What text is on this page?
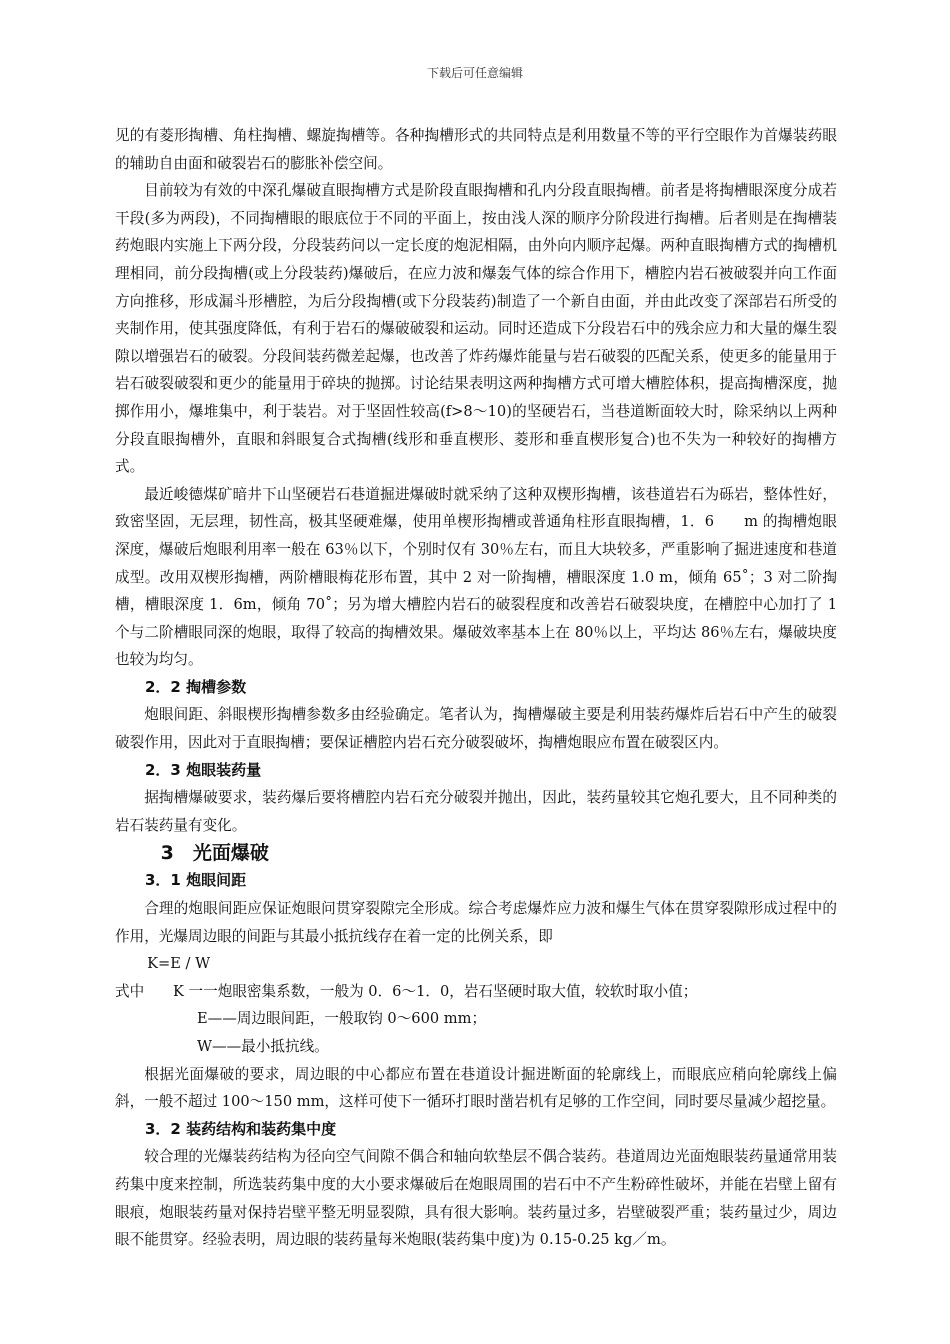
下载后可任意编辑

见的有菱形掏槽、角柱掏槽、螺旋掏槽等。各种掏槽形式的共同特点是利用数量不等的平行空眼作为首爆装药眼的辅助自由面和破裂岩石的膨胀补偿空间。

目前较为有效的中深孔爆破直眼掏槽方式是阶段直眼掏槽和孔内分段直眼掏槽。前者是将掏槽眼深度分成若干段(多为两段)，不同掏槽眼的眼底位于不同的平面上，按由浅人深的顺序分阶段进行掏槽。后者则是在掏槽装药炮眼内实施上下两分段，分段装药问以一定长度的炮泥相隔，由外向内顺序起爆。两种直眼掏槽方式的掏槽机理相同，前分段掏槽(或上分段装药)爆破后，在应力波和爆轰气体的综合作用下，槽腔内岩石被破裂并向工作面方向推移，形成漏斗形槽腔，为后分段掏槽(或下分段装药)制造了一个新自由面，并由此改变了深部岩石所受的夹制作用，使其强度降低，有利于岩石的爆破破裂和运动。同时还造成下分段岩石中的残余应力和大量的爆生裂隙以增强岩石的破裂。分段间装药微差起爆，也改善了炸药爆炸能量与岩石破裂的匹配关系，使更多的能量用于岩石破裂破裂和更少的能量用于碎块的抛掷。讨论结果表明这两种掏槽方式可增大槽腔体积，提高掏槽深度，抛掷作用小，爆堆集中，利于装岩。对于坚固性较高(f>8～10)的坚硬岩石，当巷道断面较大时，除采纳以上两种分段直眼掏槽外，直眼和斜眼复合式掏槽(线形和垂直楔形、菱形和垂直楔形复合)也不失为一种较好的掏槽方式。

最近峻德煤矿暗井下山坚硬岩石巷道掘进爆破时就采纳了这种双楔形掏槽，该巷道岩石为砾岩，整体性好，致密坚固，无层理，韧性高，极其坚硬难爆，使用单楔形掏槽或普通角柱形直眼掏槽，1．6　　m 的掏槽炮眼深度，爆破后炮眼利用率一般在 63％以下，个别时仅有 30％左右，而且大块较多，严重影响了掘进速度和巷道成型。改用双楔形掏槽，两阶槽眼梅花形布置，其中 2 对一阶掏槽，槽眼深度 1.0 m，倾角 65˚；3 对二阶掏槽，槽眼深度 1．6m，倾角 70˚；另为增大槽腔内岩石的破裂程度和改善岩石破裂块度，在槽腔中心加打了 1 个与二阶槽眼同深的炮眼，取得了较高的掏槽效果。爆破效率基本上在 80％以上，平均达 86％左右，爆破块度也较为均匀。

2．2 掏槽参数

炮眼间距、斜眼楔形掏槽参数多由经验确定。笔者认为，掏槽爆破主要是利用装药爆炸后岩石中产生的破裂破裂作用，因此对于直眼掏槽；要保证槽腔内岩石充分破裂破坏，掏槽炮眼应布置在破裂区内。

2．3 炮眼装药量

据掏槽爆破要求，装药爆后要将槽腔内岩石充分破裂并抛出，因此，装药量较其它炮孔要大，且不同种类的岩石装药量有变化。

3　光面爆破
3．1 炮眼间距

合理的炮眼间距应保证炮眼问贯穿裂隙完全形成。综合考虑爆炸应力波和爆生气体在贯穿裂隙形成过程中的作用，光爆周边眼的间距与其最小抵抗线存在着一定的比例关系，即

K=E / W

式中 K 一一炮眼密集系数，一般为 0．6～1．0，岩石坚硬时取大值，较软时取小值；

E——周边眼间距，一般取钧 0～600 mm；

W——最小抵抗线。

根据光面爆破的要求，周边眼的中心都应布置在巷道设计掘进断面的轮廓线上，而眼底应稍向轮廓线上偏斜，一般不超过 100～150 mm，这样可使下一循环打眼时凿岩机有足够的工作空间，同时要尽量减少超挖量。

3．2 装药结构和装药集中度

较合理的光爆装药结构为径向空气间隙不偶合和轴向软垫层不偶合装药。巷道周边光面炮眼装药量通常用装药集中度来控制，所选装药集中度的大小要求爆破后在炮眼周围的岩石中不产生粉碎性破坏，并能在岩壁上留有眼痕，炮眼装药量对保持岩壁平整无明显裂隙，具有很大影响。装药量过多，岩壁破裂严重；装药量过少，周边眼不能贯穿。经验表明，周边眼的装药量每米炮眼(装药集中度)为 0.15-0.25 kg／m。
